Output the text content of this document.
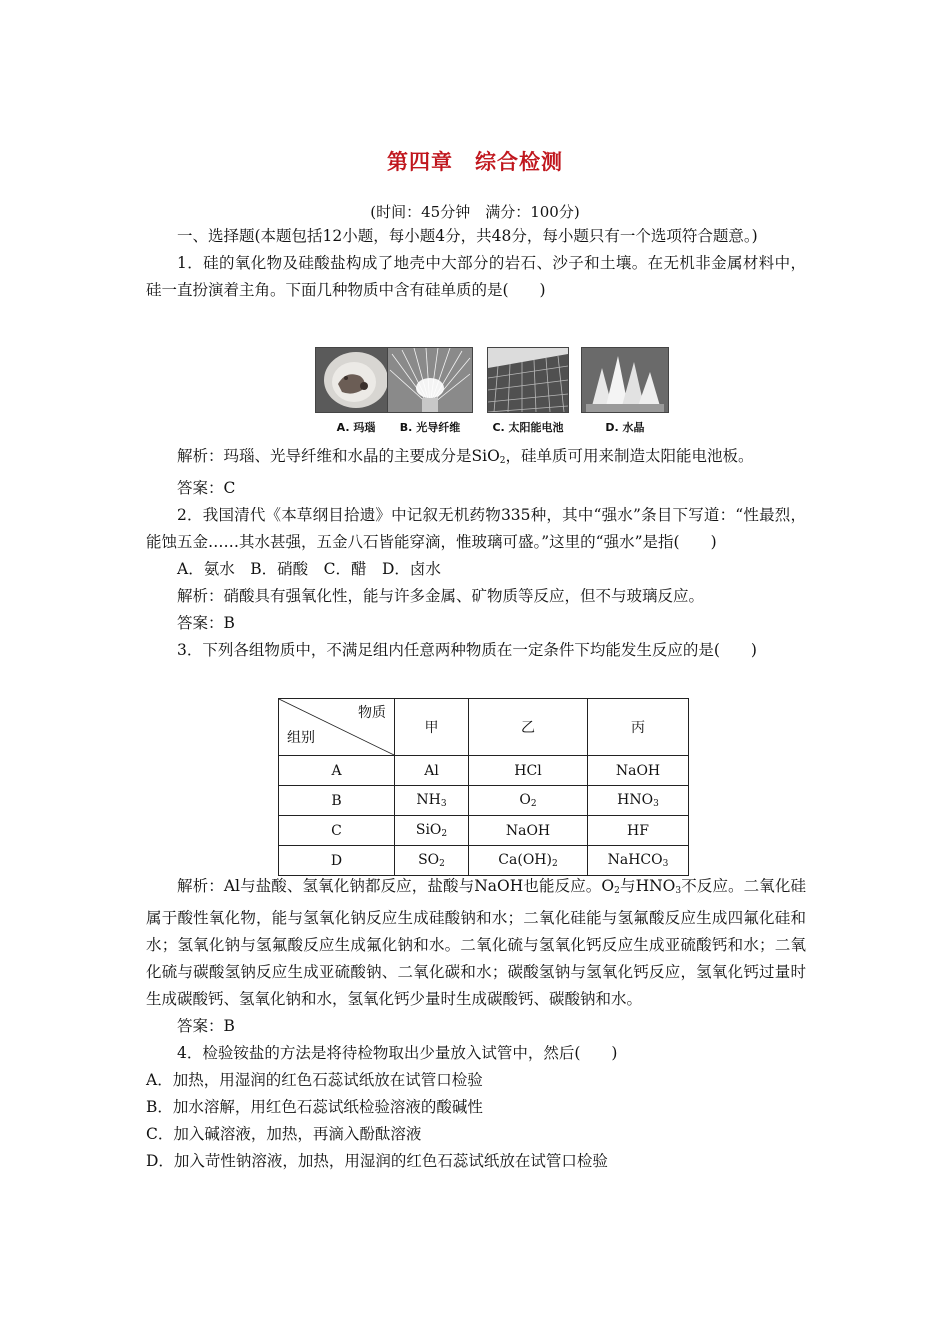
第四章　综合检测
(时间：45分钟　满分：100分)

一、选择题(本题包括12小题，每小题4分，共48分，每小题只有一个选项符合题意。)

1．硅的氧化物及硅酸盐构成了地壳中大部分的岩石、沙子和土壤。在无机非金属材料中，硅一直扮演着主角。下面几种物质中含有硅单质的是(　　)

A. 玛瑙	B. 光导纤维	C. 太阳能电池	D. 水晶

解析：玛瑙、光导纤维和水晶的主要成分是SiO$_2$，硅单质可用来制造太阳能电池板。

答案：C

2．我国清代《本草纲目拾遗》中记叙无机药物335种，其中“强水”条目下写道：“性最烈，能蚀五金……其水甚强，五金八石皆能穿滴，惟玻璃可盛。”这里的“强水”是指(　　)

A．氨水　B．硝酸　C．醋　D．卤水

解析：硝酸具有强氧化性，能与许多金属、矿物质等反应，但不与玻璃反应。

答案：B

3．下列各组物质中，不满足组内任意两种物质在一定条件下均能发生反应的是(　　)

物质
组别	甲	乙	丙
A	Al	HCl	NaOH
B	$NH_3$	$O_2$	$HNO_3$
C	SiO$_2$	NaOH	HF
D	$SO_2$	$Ca(OH)_2$	NaHCO$_3$

解析：Al与盐酸、氢氧化钠都反应，盐酸与NaOH也能反应。$O_2$与$HNO_3$不反应。二氧化硅属于酸性氧化物，能与氢氧化钠反应生成硅酸钠和水；二氧化硅能与氢氟酸反应生成四氟化硅和水；氢氧化钠与氢氟酸反应生成氟化钠和水。二氧化硫与氢氧化钙反应生成亚硫酸钙和水；二氧化硫与碳酸氢钠反应生成亚硫酸钠、二氧化碳和水；碳酸氢钠与氢氧化钙反应，氢氧化钙过量时生成碳酸钙、氢氧化钠和水，氢氧化钙少量时生成碳酸钙、碳酸钠和水。

答案：B

4．检验铵盐的方法是将待检物取出少量放入试管中，然后(　　)

A．加热，用湿润的红色石蕊试纸放在试管口检验

B．加水溶解，用红色石蕊试纸检验溶液的酸碱性

C．加入碱溶液，加热，再滴入酚酞溶液

D．加入苛性钠溶液，加热，用湿润的红色石蕊试纸放在试管口检验
